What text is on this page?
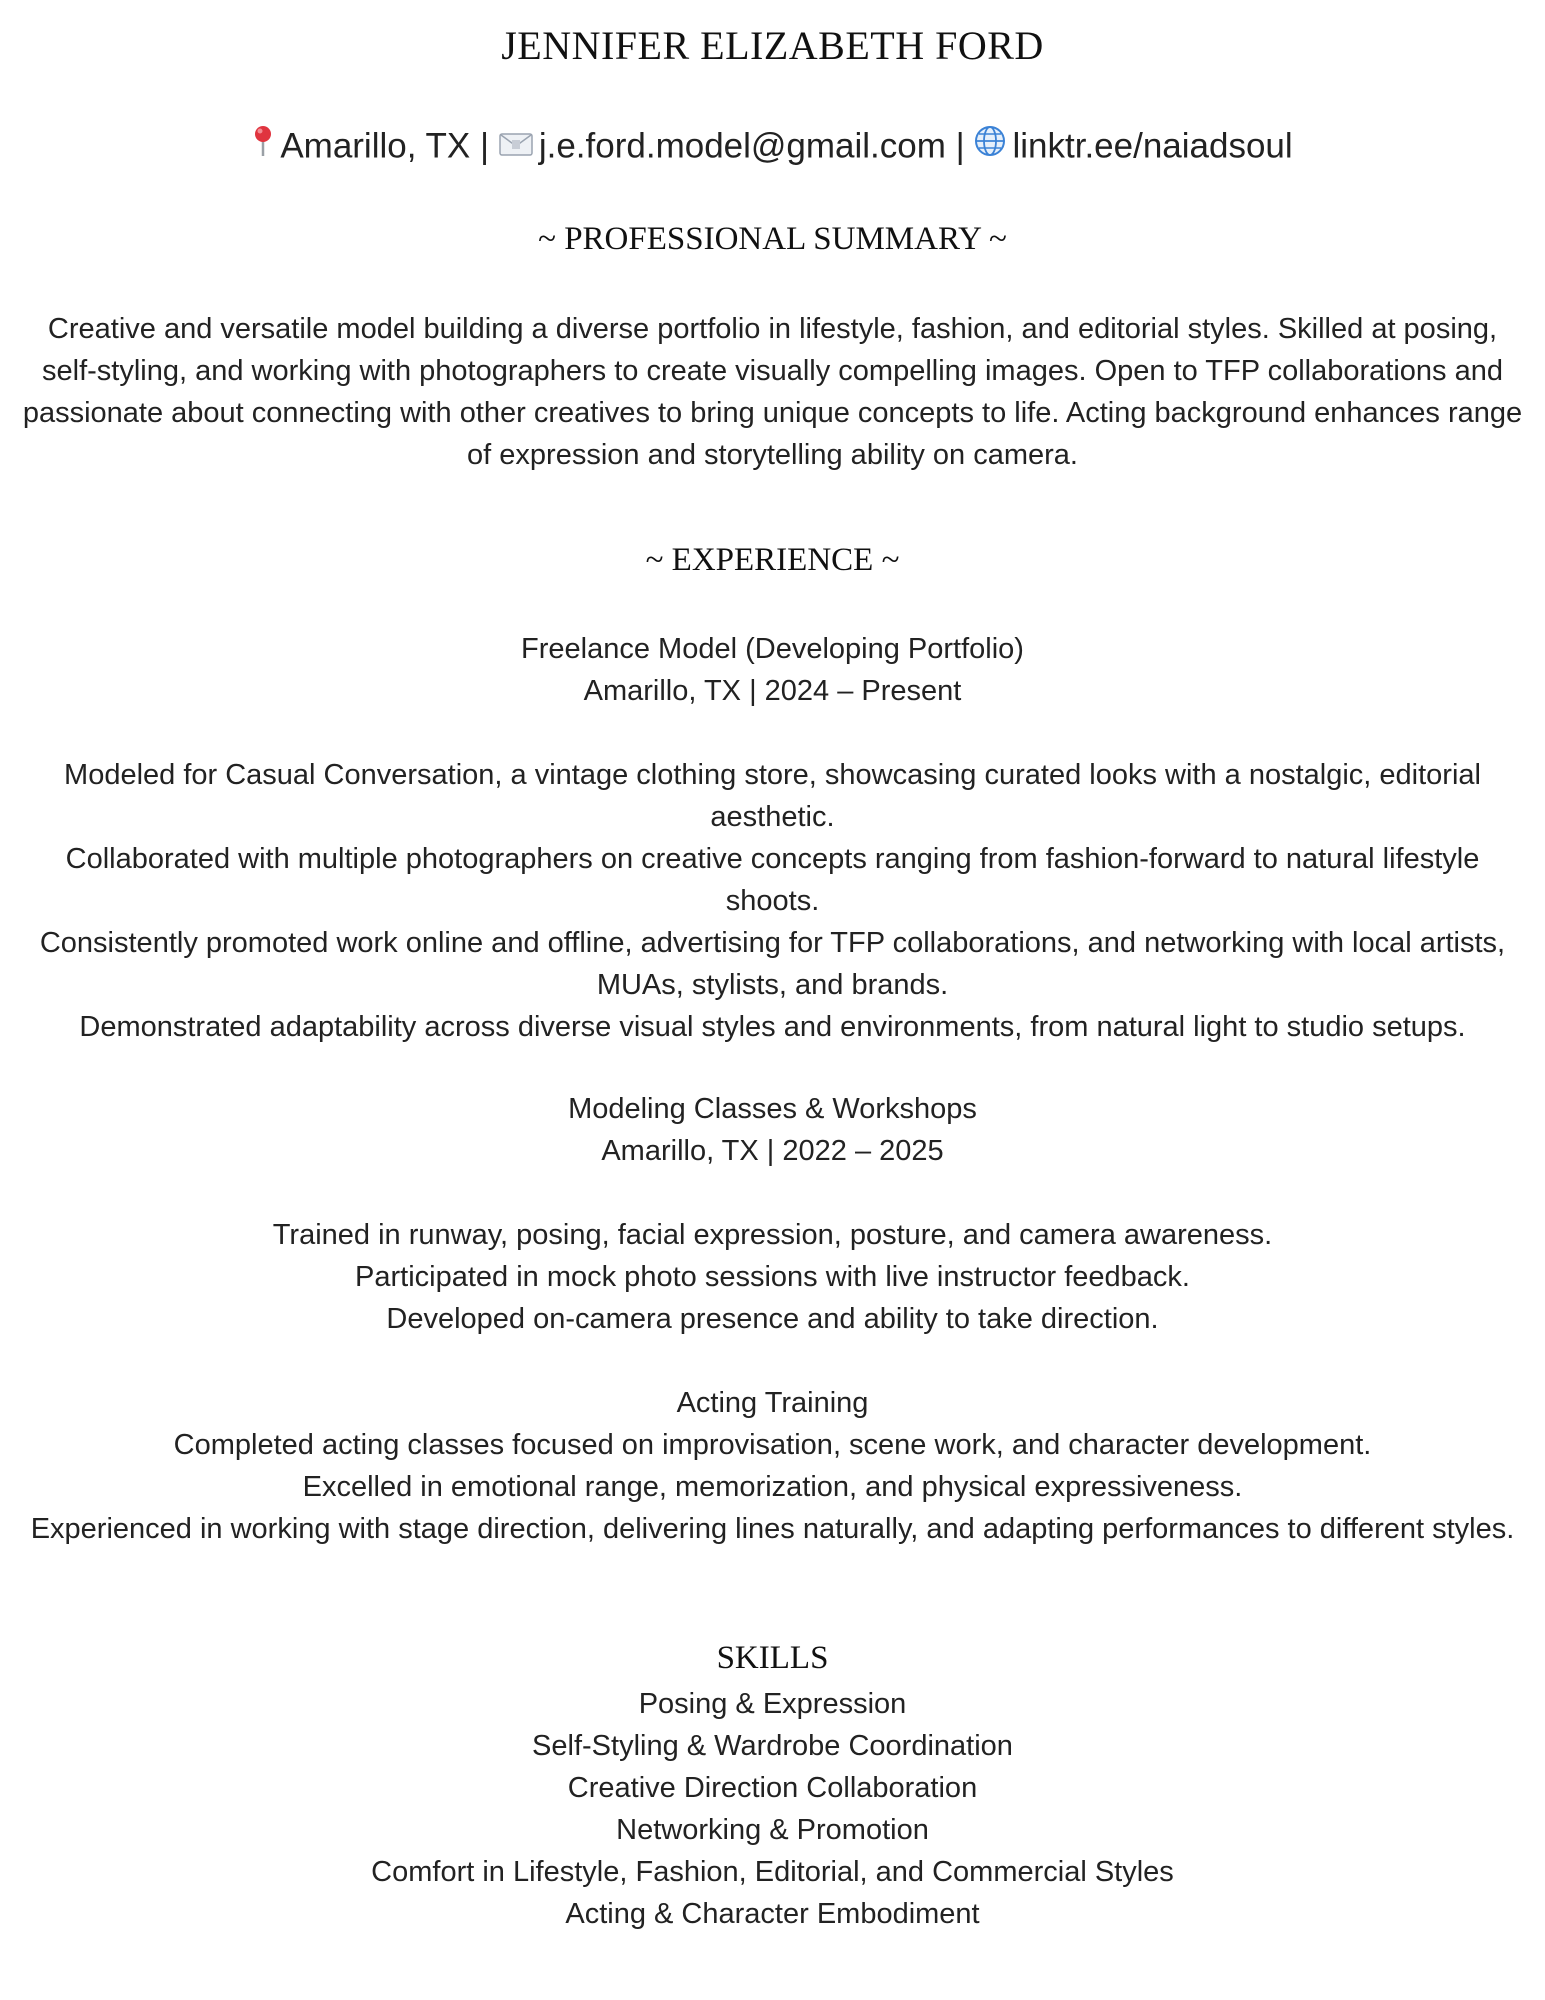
JENNIFER ELIZABETH FORD
Amarillo, TX | j.e.ford.model@gmail.com | linktr.ee/naiadsoul
~ PROFESSIONAL SUMMARY ~
Creative and versatile model building a diverse portfolio in lifestyle, fashion, and editorial styles. Skilled at posing, self-styling, and working with photographers to create visually compelling images. Open to TFP collaborations and passionate about connecting with other creatives to bring unique concepts to life. Acting background enhances range of expression and storytelling ability on camera.
~ EXPERIENCE ~

Freelance Model (Developing Portfolio)

Amarillo, TX | 2024 – Present

Modeled for Casual Conversation, a vintage clothing store, showcasing curated looks with a nostalgic, editorial aesthetic.

Collaborated with multiple photographers on creative concepts ranging from fashion-forward to natural lifestyle shoots.

Consistently promoted work online and offline, advertising for TFP collaborations, and networking with local artists, MUAs, stylists, and brands.

Demonstrated adaptability across diverse visual styles and environments, from natural light to studio setups.

Modeling Classes & Workshops

Amarillo, TX | 2022 – 2025

Trained in runway, posing, facial expression, posture, and camera awareness.

Participated in mock photo sessions with live instructor feedback.

Developed on-camera presence and ability to take direction.

Acting Training

Completed acting classes focused on improvisation, scene work, and character development.

Excelled in emotional range, memorization, and physical expressiveness.

Experienced in working with stage direction, delivering lines naturally, and adapting performances to different styles.

SKILLS

Posing & Expression

Self-Styling & Wardrobe Coordination

Creative Direction Collaboration

Networking & Promotion

Comfort in Lifestyle, Fashion, Editorial, and Commercial Styles

Acting & Character Embodiment
